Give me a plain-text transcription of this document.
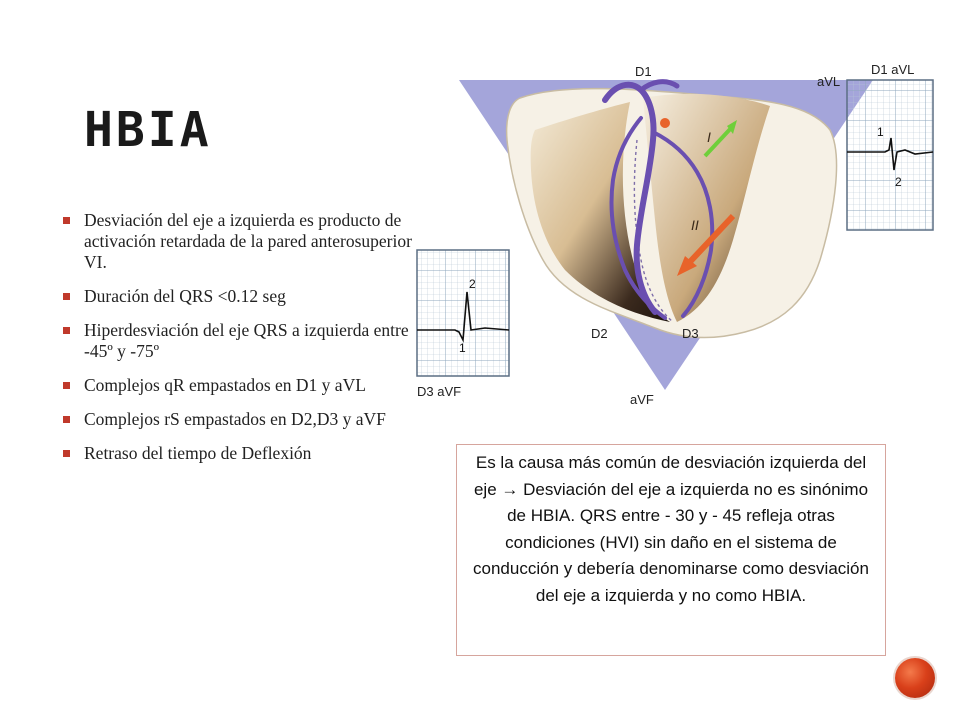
HBIA
Desviación del eje a izquierda es producto de activación retardada de la pared anterosuperior VI.
Duración del QRS <0.12 seg
Hiperdesviación del eje QRS a izquierda entre -45º y -75º
Complejos qR empastados en D1 y aVL
Complejos rS empastados en D2,D3 y aVF
Retraso del tiempo de Deflexión
I
II
D1
aVL
D2	D3
aVF
D1 aVL
1
2
2
1
D3 aVF
Es la causa más común de desviación izquierda del eje → Desviación del eje a izquierda no es sinónimo de HBIA. QRS entre - 30 y - 45 refleja otras condiciones (HVI) sin daño en el sistema de conducción y debería denominarse como desviación del eje a izquierda y no como HBIA.
